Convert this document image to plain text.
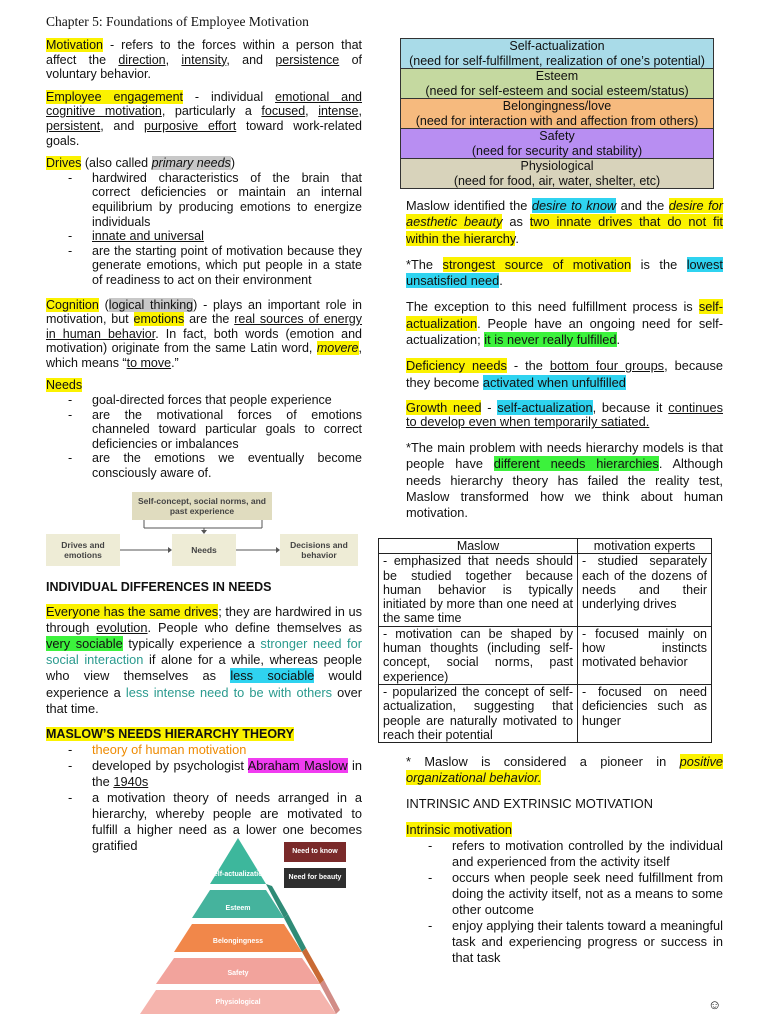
Chapter 5: Foundations of Employee Motivation

Motivation - refers to the forces within a person that affect the direction, intensity, and persistence of voluntary behavior.

Employee engagement - individual emotional and cognitive motivation, particularly a focused, intense, persistent, and purposive effort toward work-related goals.

Drives (also called primary needs)

- hardwired characteristics of the brain that correct deficiencies or maintain an internal equilibrium by producing emotions to energize individuals
- innate and universal
- are the starting point of motivation because they generate emotions, which put people in a state of readiness to act on their environment

Cognition (logical thinking) - plays an important role in motivation, but emotions are the real sources of energy in human behavior. In fact, both words (emotion and motivation) originate from the same Latin word, movere, which means “to move.”

Needs

- goal-directed forces that people experience
- are the motivational forces of emotions channeled toward particular goals to correct deficiencies or imbalances
- are the emotions we eventually become consciously aware of.
Self-concept, social norms, and past experience
Drives and emotions	Needs	Decisions and behavior

INDIVIDUAL DIFFERENCES IN NEEDS

Everyone has the same drives; they are hardwired in us through evolution. People who define themselves as very sociable typically experience a stronger need for social interaction if alone for a while, whereas people who view themselves as less sociable would experience a less intense need to be with others over that time.

MASLOW’S NEEDS HIERARCHY THEORY

- theory of human motivation
- developed by psychologist Abraham Maslow in the 1940s
- a motivation theory of needs arranged in a hierarchy, whereby people are motivated to fulfill a higher need as a lower one becomes gratified
Self-actualization
Esteem
Belongingness
Safety
Physiological
Need to know
Need for beauty
Self-actualization
(need for self-fulfillment, realization of one’s potential)
Esteem
(need for self-esteem and social esteem/status)
Belongingness/love
(need for interaction with and affection from others)
Safety
(need for security and stability)
Physiological
(need for food, air, water, shelter, etc)

Maslow identified the desire to know and the desire for aesthetic beauty as two innate drives that do not fit within the hierarchy.

*The strongest source of motivation is the lowest unsatisfied need.

The exception to this need fulfillment process is self-actualization. People have an ongoing need for self-actualization; it is never really fulfilled.

Deficiency needs - the bottom four groups, because they become activated when unfulfilled

Growth need - self-actualization, because it continues to develop even when temporarily satiated.

*The main problem with needs hierarchy models is that people have different needs hierarchies. Although needs hierarchy theory has failed the reality test, Maslow transformed how we think about human motivation.

Maslow	motivation experts
- emphasized that needs should be studied together because human behavior is typically initiated by more than one need at the same time	- studied separately each of the dozens of needs and their underlying drives
- motivation can be shaped by human thoughts (including self-concept, social norms, past experience)	- focused mainly on how instincts motivated behavior
- popularized the concept of self-actualization, suggesting that people are naturally motivated to reach their potential	- focused on need deficiencies such as hunger

* Maslow is considered a pioneer in positive organizational behavior.

INTRINSIC AND EXTRINSIC MOTIVATION

Intrinsic motivation

- refers to motivation controlled by the individual and experienced from the activity itself
- occurs when people seek need fulfillment from doing the activity itself, not as a means to some other outcome
- enjoy applying their talents toward a meaningful task and experiencing progress or success in that task
☺
